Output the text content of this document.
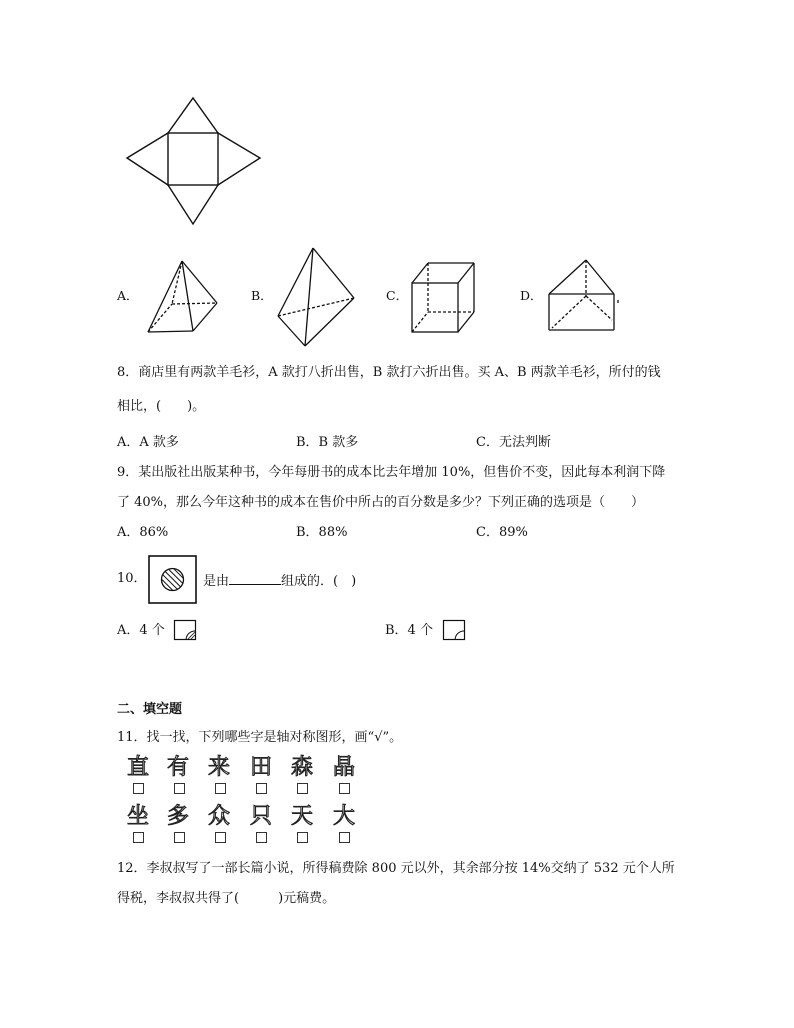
A．	B．	C．	D．
8．商店里有两款羊毛衫，A 款打八折出售，B 款打六折出售。买 A、B 两款羊毛衫，所付的钱
相比，(　　)。
A．A 款多	B．B 款多	C．无法判断
9．某出版社出版某种书，今年每册书的成本比去年增加 10%，但售价不变，因此每本利润下降
了 40%，那么今年这种书的成本在售价中所占的百分数是多少？下列正确的选项是（　　）
A．86%	B．88%	C．89%
10．	是由	组成的．(　)
A．4 个	B．4 个
二、填空题
11．找一找，下列哪些字是轴对称图形，画“√”。
直 有 来 田 森 晶
坐 多 众 只 天 大
12．李叔叔写了一部长篇小说，所得稿费除 800 元以外，其余部分按 14%交纳了 532 元个人所
得税，李叔叔共得了(　　　)元稿费。
